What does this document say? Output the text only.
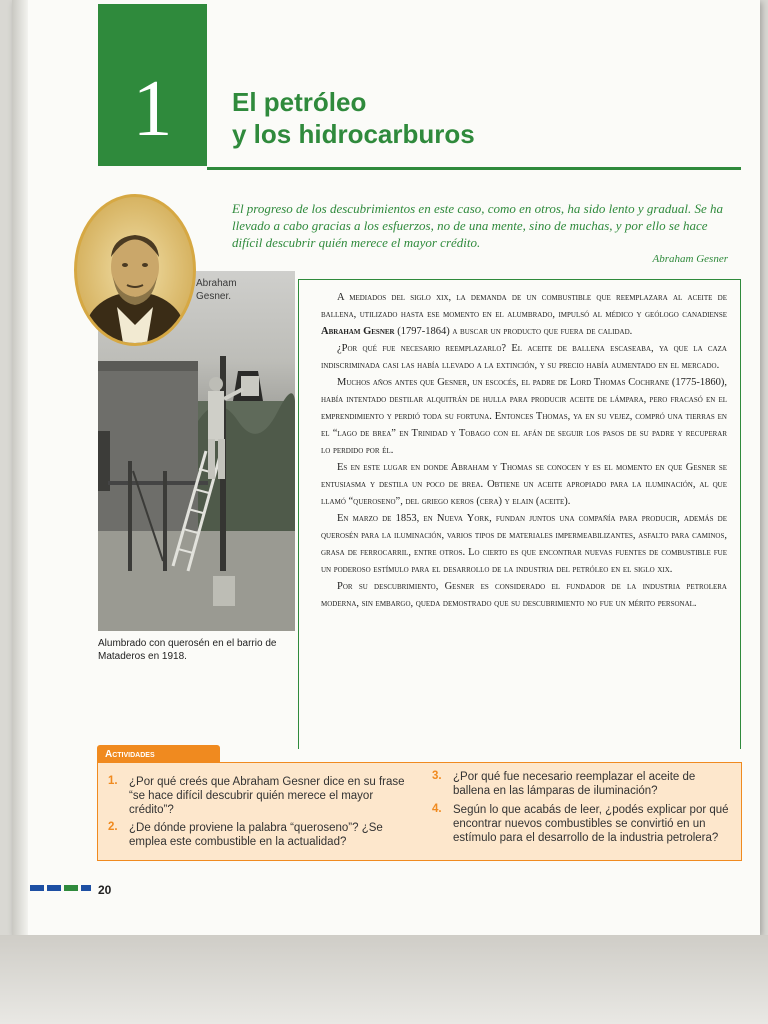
1	El petróleo
y los hidrocarburos
El progreso de los descubrimientos en este caso, como en otros, ha sido lento y gradual. Se ha llevado a cabo gracias a los esfuerzos, no de una mente, sino de muchas, y por ello se hace difícil descubrir quién merece el mayor crédito.
Abraham Gesner
Alumbrado con querosén en el barrio de Mataderos en 1918.
Abraham
Gesner.	A mediados del siglo xix, la demanda de un combustible que reemplazara al aceite de ballena, utilizado hasta ese momento en el alumbrado, impulsó al médico y geólogo canadiense Abraham Gesner (1797-1864) a buscar un producto que fuera de calidad.

¿Por qué fue necesario reemplazarlo? El aceite de ballena escaseaba, ya que la caza indiscriminada casi las había llevado a la extinción, y su precio había aumentado en el mercado.

Muchos años antes que Gesner, un escocés, el padre de Lord Thomas Cochrane (1775-1860), había intentado destilar alquitrán de hulla para producir aceite de lámpara, pero fracasó en el emprendimiento y perdió toda su fortuna. Entonces Thomas, ya en su vejez, compró una tierras en el “lago de brea” en Trinidad y Tobago con el afán de seguir los pasos de su padre y recuperar lo perdido por él.

Es en este lugar en donde Abraham y Thomas se conocen y es el momento en que Gesner se entusiasma y destila un poco de brea. Obtiene un aceite apropiado para la iluminación, al que llamó “queroseno”, del griego keros (cera) y elain (aceite).

En marzo de 1853, en Nueva York, fundan juntos una compañía para producir, además de querosén para la iluminación, varios tipos de materiales impermeabilizantes, asfalto para caminos, grasa de ferrocarril, entre otros. Lo cierto es que encontrar nuevas fuentes de combustible fue un poderoso estímulo para el desarrollo de la industria del petróleo en el siglo xix.

Por su descubrimiento, Gesner es considerado el fundador de la industria petrolera moderna, sin embargo, queda demostrado que su descubrimiento no fue un mérito personal.

Actividades
1. ¿Por qué creés que Abraham Gesner dice en su frase “se hace difícil descubrir quién merece el mayor crédito”?
2. ¿De dónde proviene la palabra “queroseno”? ¿Se emplea este combustible en la actualidad?
3. ¿Por qué fue necesario reemplazar el aceite de ballena en las lámparas de iluminación?
4. Según lo que acabás de leer, ¿podés explicar por qué encontrar nuevos combustibles se convirtió en un estímulo para el desarrollo de la industria petrolera?
20
